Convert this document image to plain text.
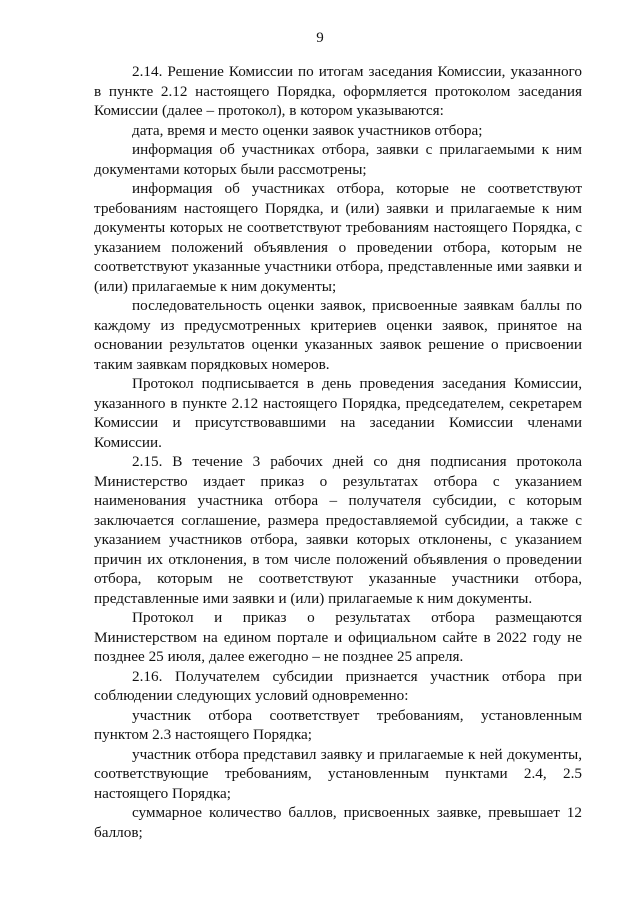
9

2.14. Решение Комиссии по итогам заседания Комиссии, указанного в пункте 2.12 настоящего Порядка, оформляется протоколом заседания Комиссии (далее – протокол), в котором указываются:

дата, время и место оценки заявок участников отбора;

информация об участниках отбора, заявки с прилагаемыми к ним документами которых были рассмотрены;

информация об участниках отбора, которые не соответствуют требованиям настоящего Порядка, и (или) заявки и прилагаемые к ним документы которых не соответствуют требованиям настоящего Порядка, с указанием положений объявления о проведении отбора, которым не соответствуют указанные участники отбора, представленные ими заявки и (или) прилагаемые к ним документы;

последовательность оценки заявок, присвоенные заявкам баллы по каждому из предусмотренных критериев оценки заявок, принятое на основании результатов оценки указанных заявок решение о присвоении таким заявкам порядковых номеров.

Протокол подписывается в день проведения заседания Комиссии, указанного в пункте 2.12 настоящего Порядка, председателем, секретарем Комиссии и присутствовавшими на заседании Комиссии членами Комиссии.

2.15. В течение 3 рабочих дней со дня подписания протокола Министерство издает приказ о результатах отбора с указанием наименования участника отбора – получателя субсидии, с которым заключается соглашение, размера предоставляемой субсидии, а также с указанием участников отбора, заявки которых отклонены, с указанием причин их отклонения, в том числе положений объявления о проведении отбора, которым не соответствуют указанные участники отбора, представленные ими заявки и (или) прилагаемые к ним документы.

Протокол и приказ о результатах отбора размещаются Министерством на едином портале и официальном сайте в 2022 году не позднее 25 июля, далее ежегодно – не позднее 25 апреля.

2.16. Получателем субсидии признается участник отбора при соблюдении следующих условий одновременно:

участник отбора соответствует требованиям, установленным пунктом 2.3 настоящего Порядка;

участник отбора представил заявку и прилагаемые к ней документы, соответствующие требованиям, установленным пунктами 2.4, 2.5 настоящего Порядка;

суммарное количество баллов, присвоенных заявке, превышает 12 баллов;
